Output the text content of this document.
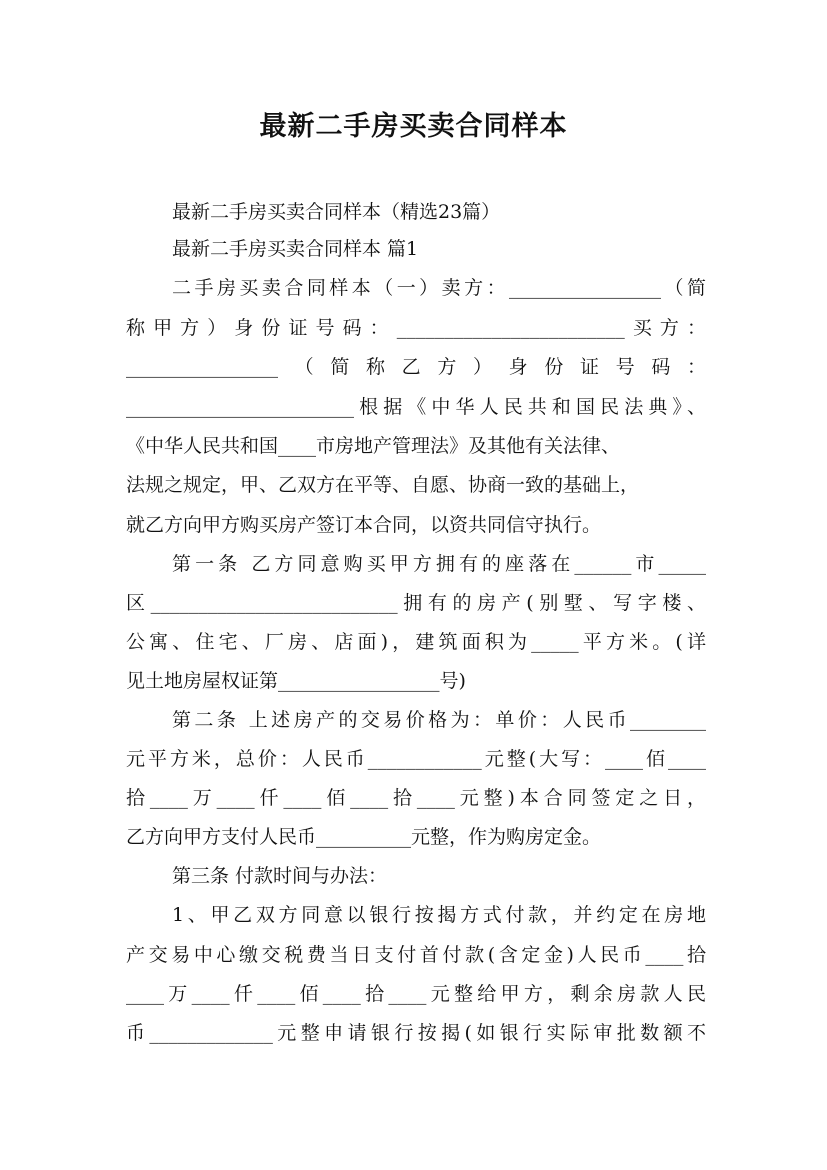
最新二手房买卖合同样本
最新二手房买卖合同样本（精选23篇）
最新二手房买卖合同样本 篇1
二手房买卖合同样本（一）卖方：________________（简
称甲方）身份证号码：________________________买方：
________________（简称乙方）身份证号码：
________________________根据《中华人民共和国民法典》、
《中华人民共和国____市房地产管理法》及其他有关法律、
法规之规定，甲、乙双方在平等、自愿、协商一致的基础上，
就乙方向甲方购买房产签订本合同，以资共同信守执行。
第一条 乙方同意购买甲方拥有的座落在______市_____
区__________________________拥有的房产(别墅、写字楼、
公寓、住宅、厂房、店面)，建筑面积为_____平方米。(详
见土地房屋权证第_________________号)
第二条 上述房产的交易价格为：单价：人民币________
元平方米，总价：人民币____________元整(大写：____佰____
拾____万____仟____佰____拾____元整)本合同签定之日，
乙方向甲方支付人民币__________元整，作为购房定金。
第三条 付款时间与办法：
1、甲乙双方同意以银行按揭方式付款，并约定在房地
产交易中心缴交税费当日支付首付款(含定金)人民币____拾
____万____仟____佰____拾____元整给甲方，剩余房款人民
币_____________元整申请银行按揭(如银行实际审批数额不
